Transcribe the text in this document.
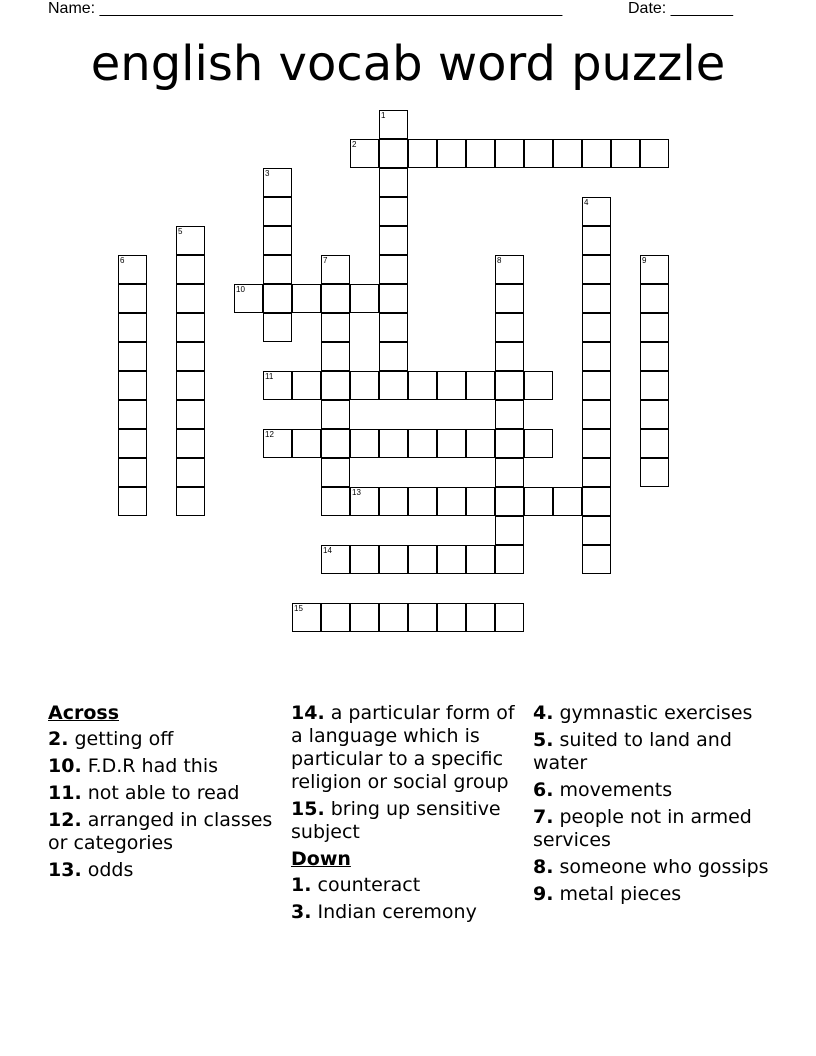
Name: ____________________________________________________	Date: _______
english vocab word puzzle
1
2
3
4
5
6	7	8	9
10
11
12
13
14
15
Across
2. getting off
10. F.D.R had this
11. not able to read
12. arranged in classes or categories
13. odds
14. a particular form of a language which is particular to a specific religion or social group
15. bring up sensitive subject
Down
1. counteract
3. Indian ceremony
4. gymnastic exercises
5. suited to land and water
6. movements
7. people not in armed services
8. someone who gossips
9. metal pieces
